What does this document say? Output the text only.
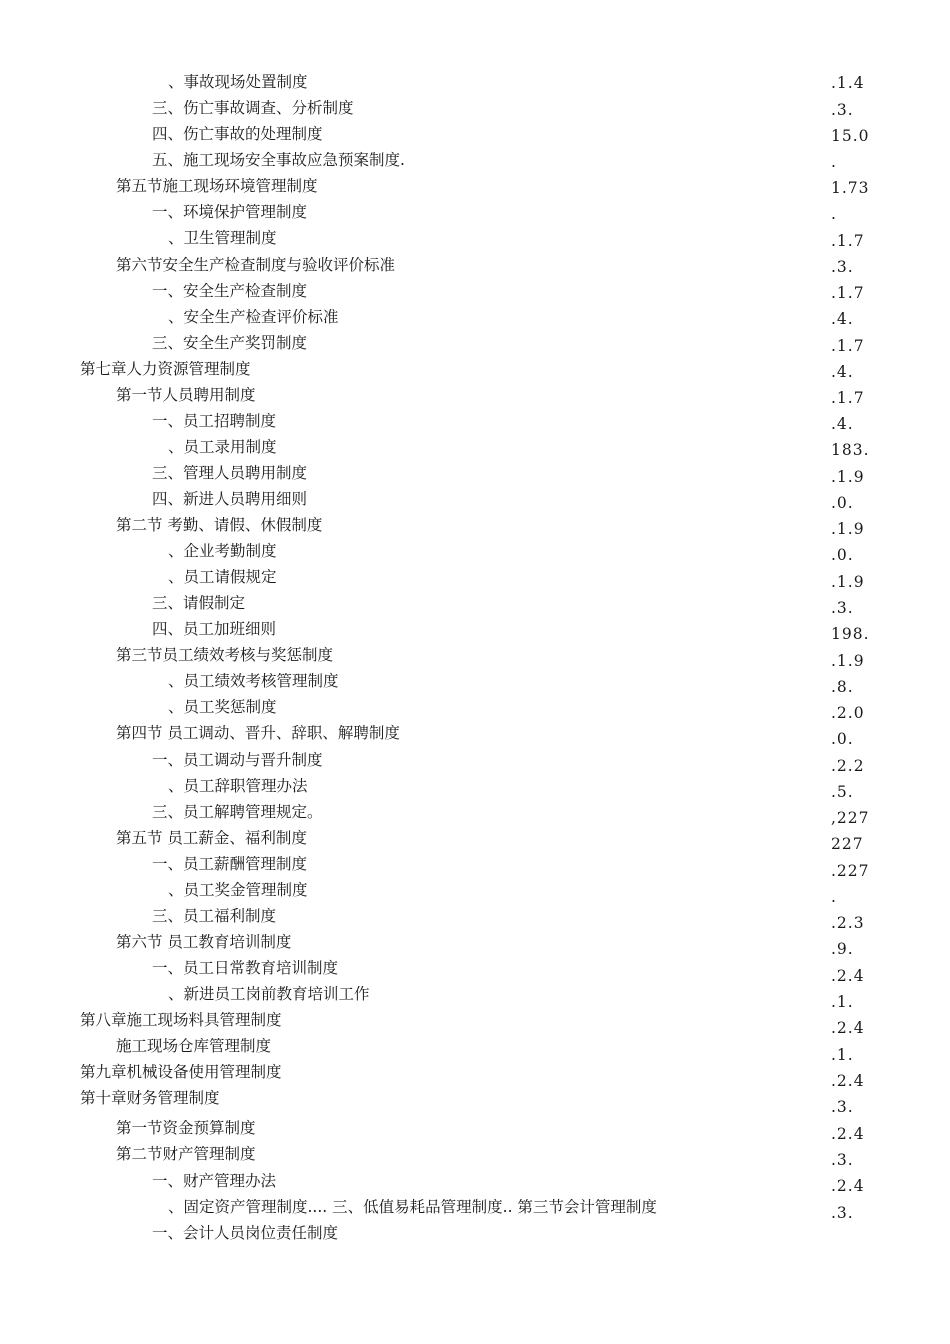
、事故现场处置制度
三、伤亡事故调查、分析制度
四、伤亡事故的处理制度
五、施工现场安全事故应急预案制度.
第五节施工现场环境管理制度
一、环境保护管理制度
、卫生管理制度
第六节安全生产检查制度与验收评价标准
一、安全生产检查制度
、安全生产检查评价标准
三、安全生产奖罚制度
第七章人力资源管理制度
第一节人员聘用制度
一、员工招聘制度
、员工录用制度
三、管理人员聘用制度
四、新进人员聘用细则
第二节 考勤、请假、休假制度
、企业考勤制度
、员工请假规定
三、请假制定
四、员工加班细则
第三节员工绩效考核与奖惩制度
、员工绩效考核管理制度
、员工奖惩制度
第四节 员工调动、晋升、辞职、解聘制度
一、员工调动与晋升制度
、员工辞职管理办法
三、员工解聘管理规定。
第五节 员工薪金、福利制度
一、员工薪酬管理制度
、员工奖金管理制度
三、员工福利制度
第六节 员工教育培训制度
一、员工日常教育培训制度
、新进员工岗前教育培训工作
第八章施工现场料具管理制度
施工现场仓库管理制度
第九章机械设备使用管理制度
第十章财务管理制度
第一节资金预算制度
第二节财产管理制度
一、财产管理办法
、固定资产管理制度.... 三、低值易耗品管理制度.. 第三节会计管理制度
一、会计人员岗位责任制度
.1.4
.3.
15.0
.
1.73
.
.1.7
.3.
.1.7
.4.
.1.7
.4.
.1.7
.4.
183.
.1.9
.0.
.1.9
.0.
.1.9
.3.
198.
.1.9
.8.
.2.0
.0.
.2.2
.5.
,227
227
.227
.
.2.3
.9.
.2.4
.1.
.2.4
.1.
.2.4
.3.
.2.4
.3.
.2.4
.3.
